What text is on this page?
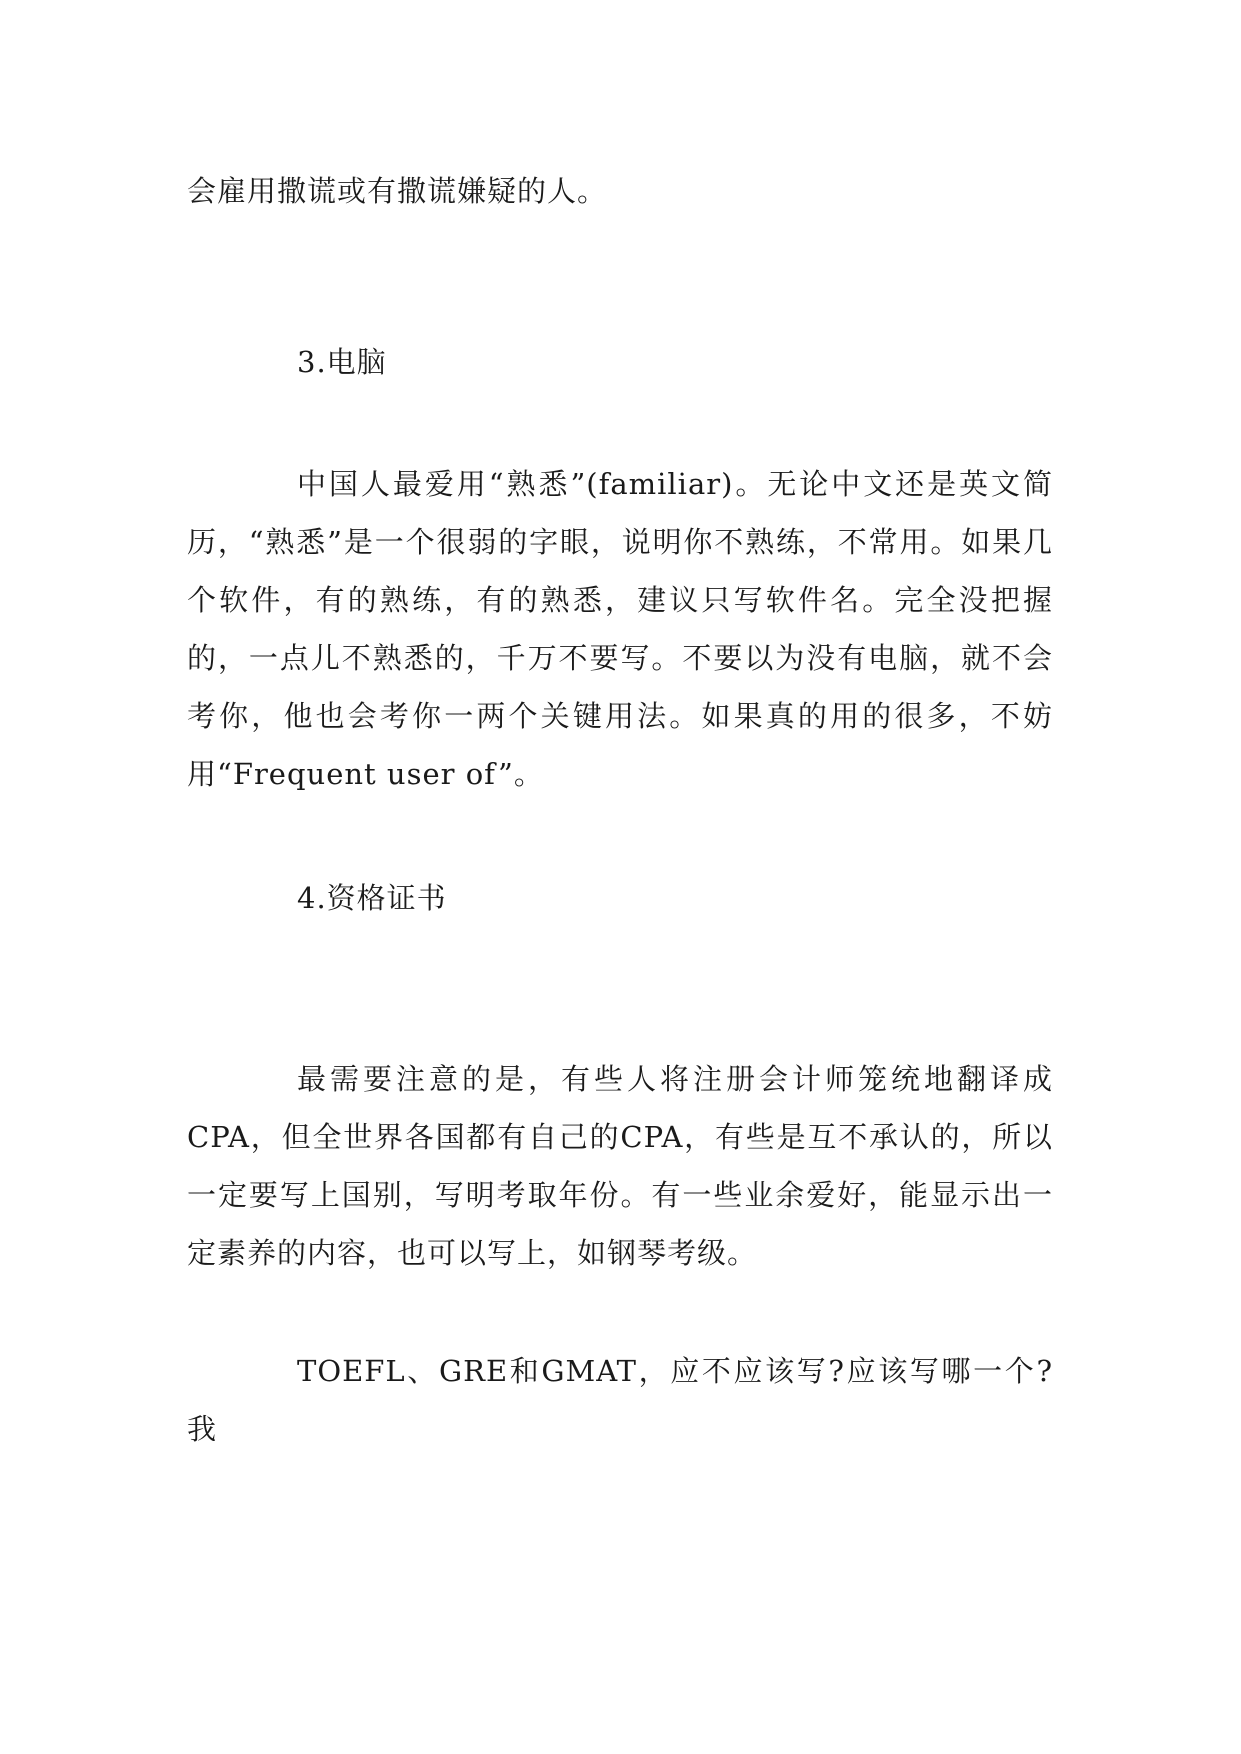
会雇用撒谎或有撒谎嫌疑的人。

3.电脑

中国人最爱用“熟悉”(familiar)。无论中文还是英文简历，“熟悉”是一个很弱的字眼，说明你不熟练，不常用。如果几个软件，有的熟练，有的熟悉，建议只写软件名。完全没把握的，一点儿不熟悉的，千万不要写。不要以为没有电脑，就不会考你，他也会考你一两个关键用法。如果真的用的很多，不妨用“Frequent user of”。

4.资格证书

最需要注意的是，有些人将注册会计师笼统地翻译成CPA，但全世界各国都有自己的CPA，有些是互不承认的，所以一定要写上国别，写明考取年份。有一些业余爱好，能显示出一定素养的内容，也可以写上，如钢琴考级。

TOEFL、GRE和GMAT，应不应该写?应该写哪一个?我
